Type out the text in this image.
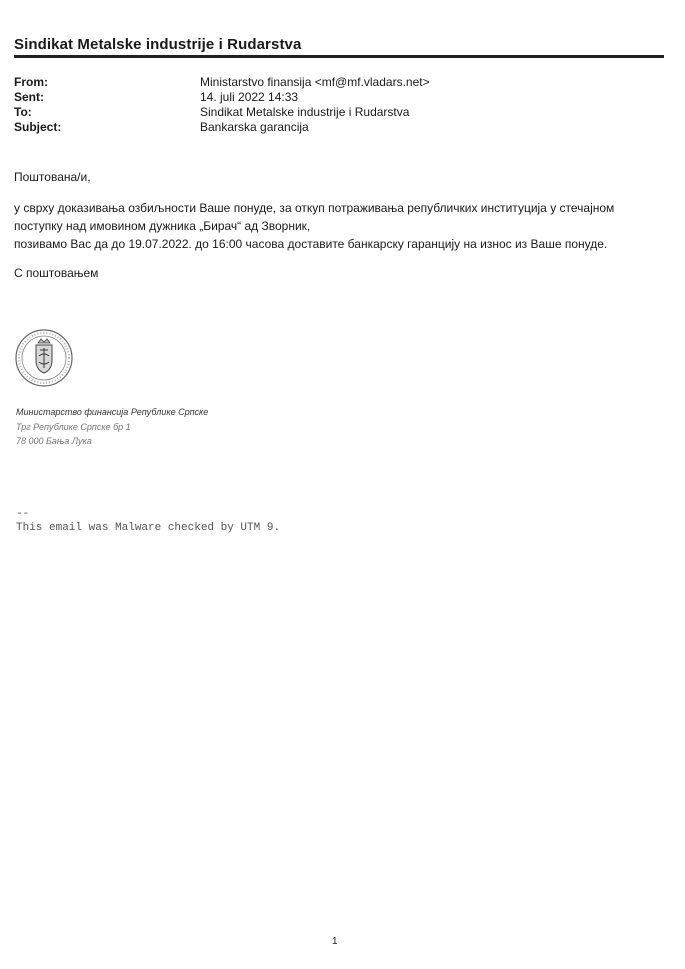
Sindikat Metalske industrije i Rudarstva
From:	Ministarstvo finansija <mf@mf.vladars.net>
Sent:	14. juli 2022 14:33
To:	Sindikat Metalske industrije i Rudarstva
Subject:	Bankarska garancija
Поштована/и,
у сврху доказивања озбиљности Ваше понуде, за откуп потраживања републичких институција у стечајном
поступку над имовином дужника „Бирач“ ад Зворник,
позивамо Вас да до 19.07.2022. до 16:00 часова доставите банкарску гаранцију на износ из Ваше понуде.
С поштовањем
Министарство финансија Републике Српске
Трг Републике Српске бр 1
78 000 Бања Лука
--
This email was Malware checked by UTM 9.
1
